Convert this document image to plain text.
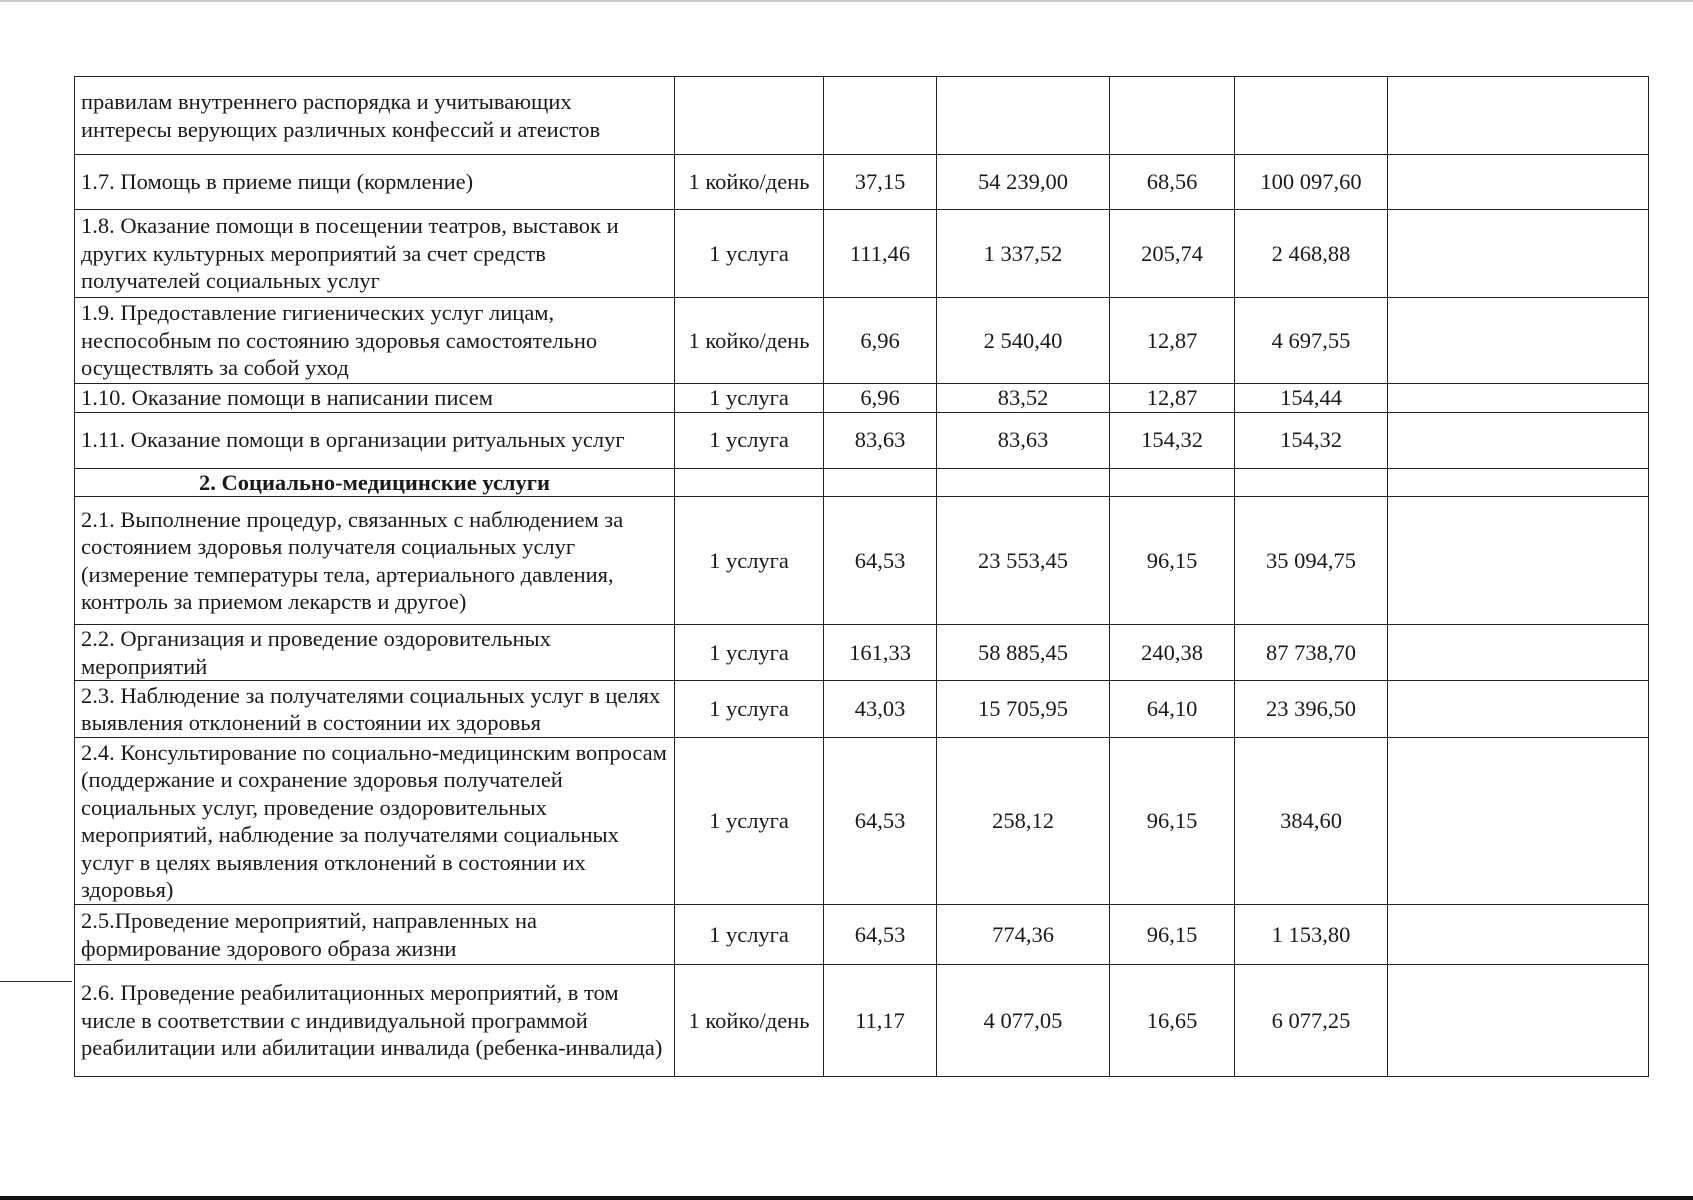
правилам внутреннего распорядка и учитывающих интересы верующих различных конфессий и атеистов						
1.7. Помощь в приеме пищи (кормление)	1 койко/день	37,15	54 239,00	68,56	100 097,60	
1.8. Оказание помощи в посещении театров, выставок и других культурных мероприятий за счет средств получателей социальных услуг	1 услуга	111,46	1 337,52	205,74	2 468,88	
1.9. Предоставление гигиенических услуг лицам, неспособным по состоянию здоровья самостоятельно осуществлять за собой уход	1 койко/день	6,96	2 540,40	12,87	4 697,55	
1.10. Оказание помощи в написании писем	1 услуга	6,96	83,52	12,87	154,44	
1.11. Оказание помощи в организации ритуальных услуг	1 услуга	83,63	83,63	154,32	154,32	
2. Социально-медицинские услуги						
2.1. Выполнение процедур, связанных с наблюдением за состоянием здоровья получателя социальных услуг (измерение температуры тела, артериального давления, контроль за приемом лекарств и другое)	1 услуга	64,53	23 553,45	96,15	35 094,75	
2.2. Организация и проведение оздоровительных мероприятий	1 услуга	161,33	58 885,45	240,38	87 738,70	
2.3. Наблюдение за получателями социальных услуг в целях выявления отклонений в состоянии их здоровья	1 услуга	43,03	15 705,95	64,10	23 396,50	
2.4. Консультирование по социально-медицинским вопросам (поддержание и сохранение здоровья получателей социальных услуг, проведение оздоровительных мероприятий, наблюдение за получателями социальных услуг в целях выявления отклонений в состоянии их здоровья)	1 услуга	64,53	258,12	96,15	384,60	
2.5.Проведение мероприятий, направленных на формирование здорового образа жизни	1 услуга	64,53	774,36	96,15	1 153,80	
2.6. Проведение реабилитационных мероприятий, в том числе в соответствии с индивидуальной программой реабилитации или абилитации инвалида (ребенка-инвалида)	1 койко/день	11,17	4 077,05	16,65	6 077,25	
